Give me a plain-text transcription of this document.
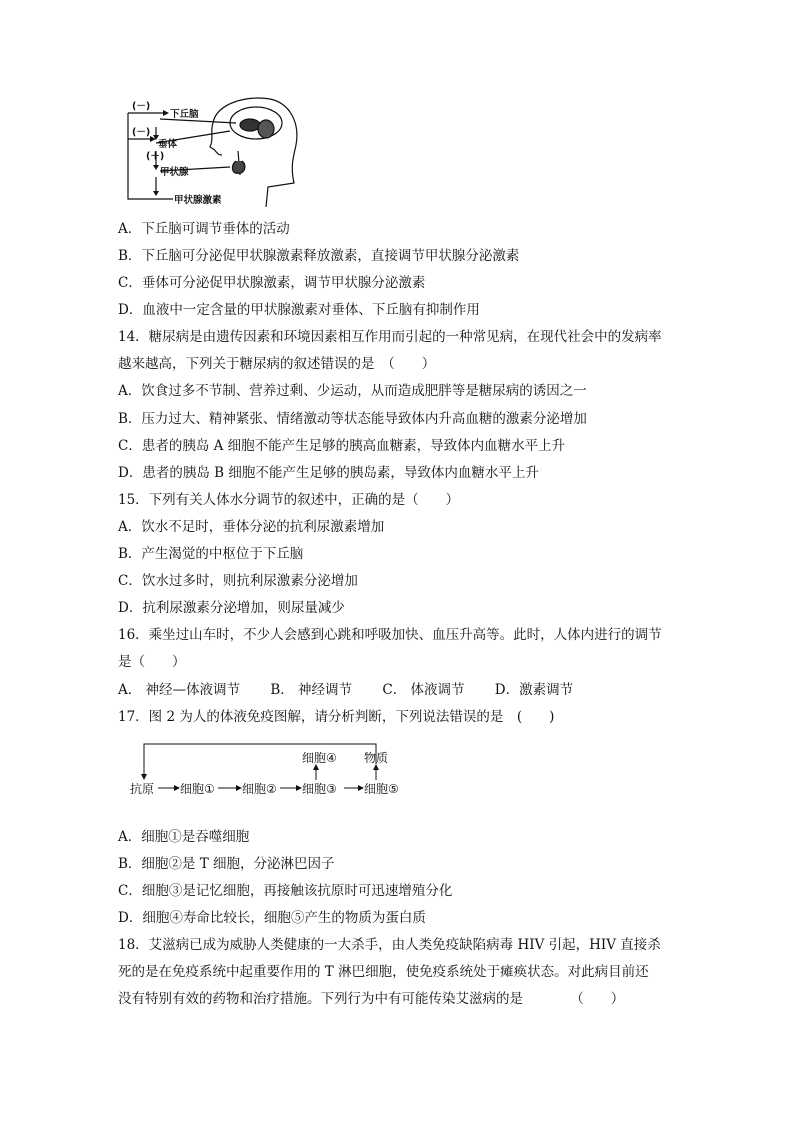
(－)
(－)
(＋)
下丘脑
垂体
甲状腺
甲状腺激素
A．下丘脑可调节垂体的活动
B．下丘脑可分泌促甲状腺激素释放激素，直接调节甲状腺分泌激素
C．垂体可分泌促甲状腺激素，调节甲状腺分泌激素
D．血液中一定含量的甲状腺激素对垂体、下丘脑有抑制作用
14．糖尿病是由遗传因素和环境因素相互作用而引起的一种常见病，在现代社会中的发病率
越来越高，下列关于糖尿病的叙述错误的是　（　　）
A．饮食过多不节制、营养过剩、少运动，从而造成肥胖等是糖尿病的诱因之一
B．压力过大、精神紧张、情绪激动等状态能导致体内升高血糖的激素分泌增加
C．患者的胰岛 A 细胞不能产生足够的胰高血糖素，导致体内血糖水平上升
D．患者的胰岛 B 细胞不能产生足够的胰岛素，导致体内血糖水平上升
15．下列有关人体水分调节的叙述中，正确的是（　　）
A．饮水不足时，垂体分泌的抗利尿激素增加
B．产生渴觉的中枢位于下丘脑
C．饮水过多时，则抗利尿激素分泌增加
D．抗利尿激素分泌增加，则尿量减少
16．乘坐过山车时，不少人会感到心跳和呼吸加快、血压升高等。此时，人体内进行的调节
是（　　）
A． 神经—体液调节 B． 神经调节 C． 体液调节 D．激素调节
17．图 2 为人的体液免疫图解，请分析判断，下列说法错误的是　(　　)
抗原 细胞① 细胞② 细胞③ 细胞⑤
细胞④ 物质
A．细胞①是吞噬细胞
B．细胞②是 T 细胞，分泌淋巴因子
C．细胞③是记忆细胞，再接触该抗原时可迅速增殖分化
D．细胞④寿命比较长，细胞⑤产生的物质为蛋白质
18．艾滋病已成为威胁人类健康的一大杀手，由人类免疫缺陷病毒 HIV 引起，HIV 直接杀
死的是在免疫系统中起重要作用的 T 淋巴细胞，使免疫系统处于瘫痪状态。对此病目前还
没有特别有效的药物和治疗措施。下列行为中有可能传染艾滋病的是　　　　（　　）
